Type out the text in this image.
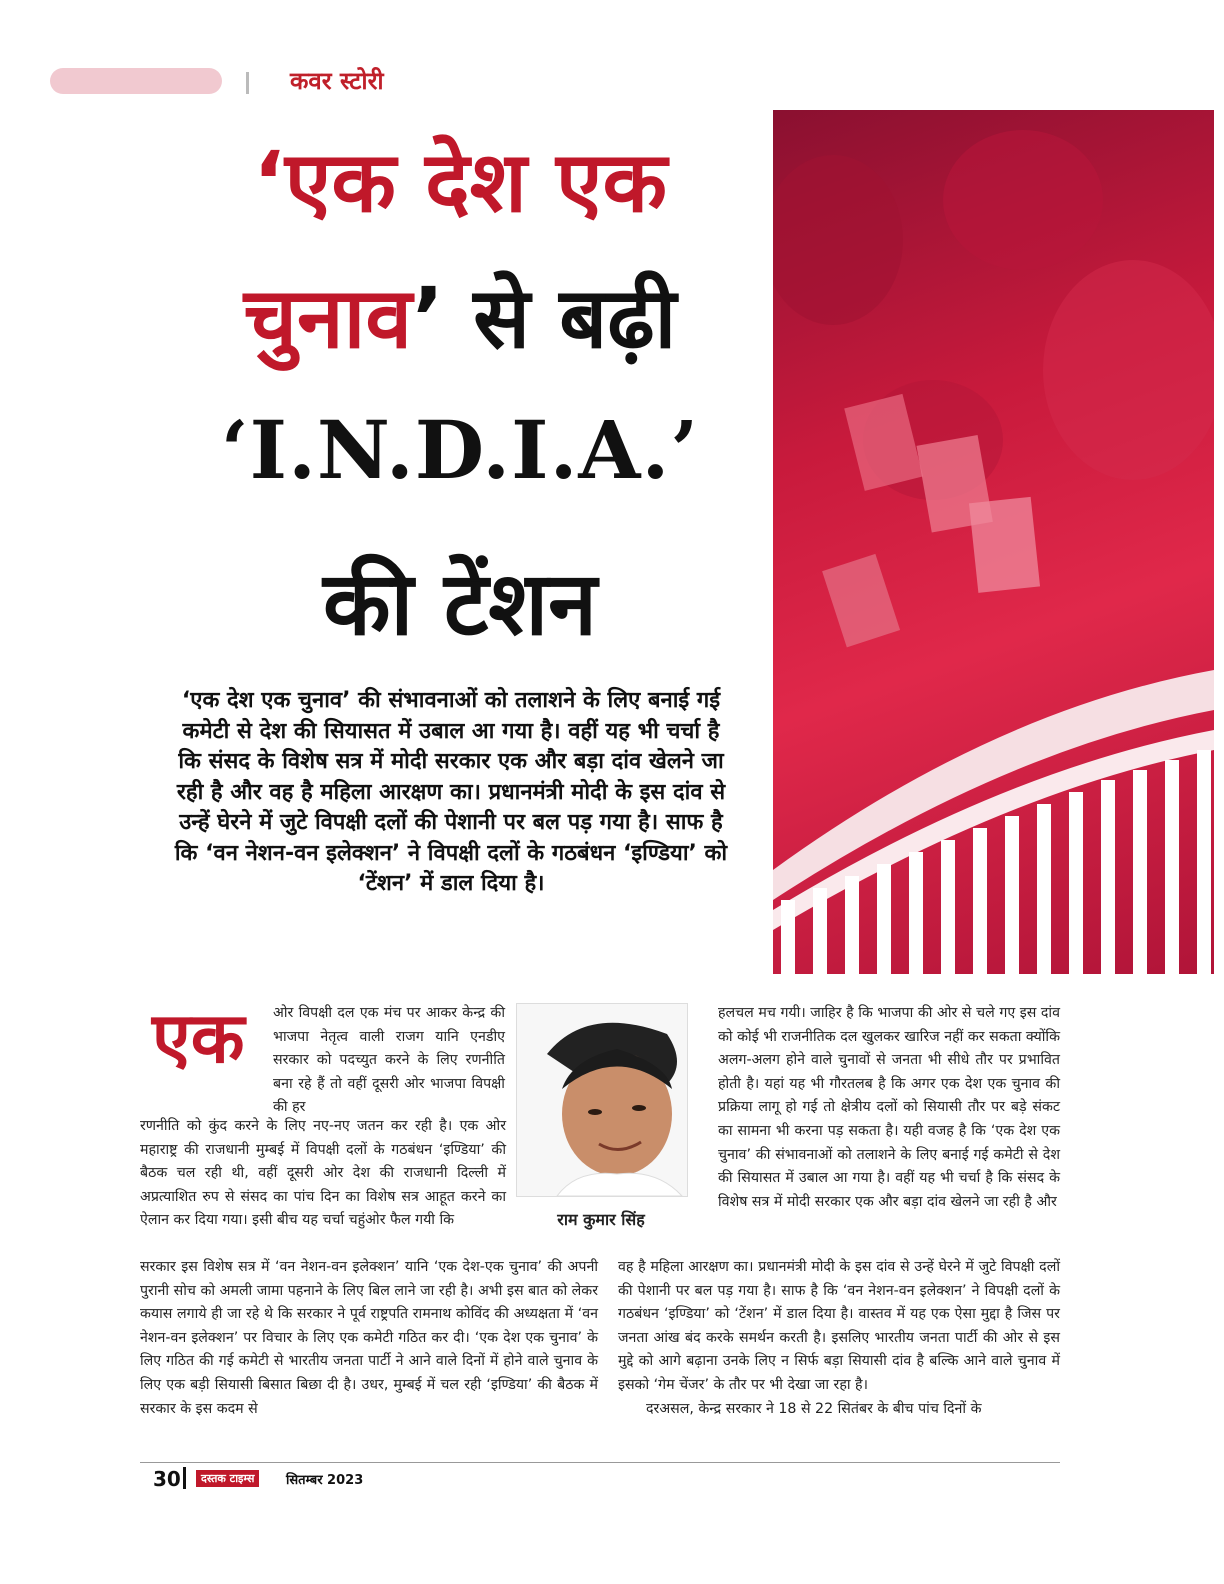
कवर स्टोरी
‘एक देश एक
चुनाव’ से बढ़ी
‘I.N.D.I.A.’
की टेंशन
‘एक देश एक चुनाव’ की संभावनाओं को तलाशने के लिए बनाई गई कमेटी से देश की सियासत में उबाल आ गया है। वहीं यह भी चर्चा है कि संसद के विशेष सत्र में मोदी सरकार एक और बड़ा दांव खेलने जा रही है और वह है महिला आरक्षण का। प्रधानमंत्री मोदी के इस दांव से उन्हें घेरने में जुटे विपक्षी दलों की पेशानी पर बल पड़ गया है। साफ है कि ‘वन नेशन-वन इलेक्शन’ ने विपक्षी दलों के गठबंधन ‘इण्डिया’ को ‘टेंशन’ में डाल दिया है।
एक ओर विपक्षी दल एक मंच पर आकर केन्द्र की भाजपा नेतृत्व वाली राजग यानि एनडीए सरकार को पदच्युत करने के लिए रणनीति बना रहे हैं तो वहीं दूसरी ओर भाजपा विपक्षी की हर
रणनीति को कुंद करने के लिए नए-नए जतन कर रही है। एक ओर महाराष्ट्र की राजधानी मुम्बई में विपक्षी दलों के गठबंधन ‘इण्डिया’ की बैठक चल रही थी, वहीं दूसरी ओर देश की राजधानी दिल्ली में अप्रत्याशित रुप से संसद का पांच दिन का विशेष सत्र आहूत करने का ऐलान कर दिया गया। इसी बीच यह चर्चा चहुंओर फैल गयी कि
सरकार इस विशेष सत्र में ‘वन नेशन-वन इलेक्शन’ यानि ‘एक देश-एक चुनाव’ की अपनी पुरानी सोच को अमली जामा पहनाने के लिए बिल लाने जा रही है। अभी इस बात को लेकर कयास लगाये ही जा रहे थे कि सरकार ने पूर्व राष्ट्रपति रामनाथ कोविंद की अध्यक्षता में ‘वन नेशन-वन इलेक्शन’ पर विचार के लिए एक कमेटी गठित कर दी। ‘एक देश एक चुनाव’ के लिए गठित की गई कमेटी से भारतीय जनता पार्टी ने आने वाले दिनों में होने वाले चुनाव के लिए एक बड़ी सियासी बिसात बिछा दी है। उधर, मुम्बई में चल रही ‘इण्डिया’ की बैठक में सरकार के इस कदम से
राम कुमार सिंह
हलचल मच गयी। जाहिर है कि भाजपा की ओर से चले गए इस दांव को कोई भी राजनीतिक दल खुलकर खारिज नहीं कर सकता क्योंकि अलग-अलग होने वाले चुनावों से जनता भी सीधे तौर पर प्रभावित होती है। यहां यह भी गौरतलब है कि अगर एक देश एक चुनाव की प्रक्रिया लागू हो गई तो क्षेत्रीय दलों को सियासी तौर पर बड़े संकट का सामना भी करना पड़ सकता है। यही वजह है कि ‘एक देश एक चुनाव’ की संभावनाओं को तलाशने के लिए बनाई गई कमेटी से देश की सियासत में उबाल आ गया है। वहीं यह भी चर्चा है कि संसद के विशेष सत्र में मोदी सरकार एक और बड़ा दांव खेलने जा रही है और
वह है महिला आरक्षण का। प्रधानमंत्री मोदी के इस दांव से उन्हें घेरने में जुटे विपक्षी दलों की पेशानी पर बल पड़ गया है। साफ है कि ‘वन नेशन-वन इलेक्शन’ ने विपक्षी दलों के गठबंधन ‘इण्डिया’ को ‘टेंशन’ में डाल दिया है। वास्तव में यह एक ऐसा मुद्दा है जिस पर जनता आंख बंद करके समर्थन करती है। इसलिए भारतीय जनता पार्टी की ओर से इस मुद्दे को आगे बढ़ाना उनके लिए न सिर्फ बड़ा सियासी दांव है बल्कि आने वाले चुनाव में इसको ‘गेम चेंजर’ के तौर पर भी देखा जा रहा है।
दरअसल, केन्द्र सरकार ने 18 से 22 सितंबर के बीच पांच दिनों के
30	दस्तक टाइम्स	सितम्बर 2023
